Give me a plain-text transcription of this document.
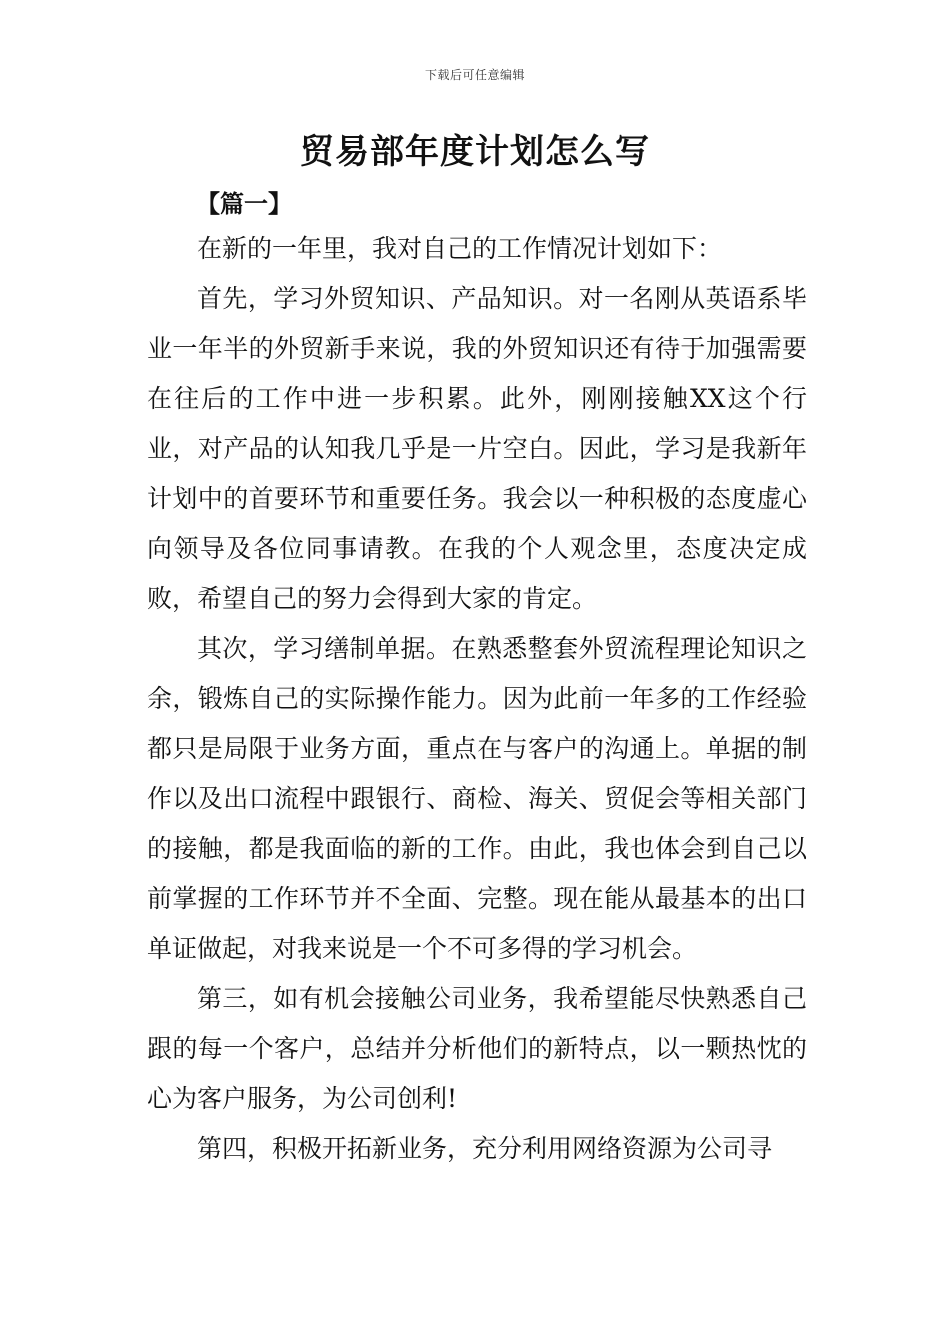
下载后可任意编辑
贸易部年度计划怎么写
【篇一】

在新的一年里，我对自己的工作情况计划如下：

首先，学习外贸知识、产品知识。对一名刚从英语系毕业一年半的外贸新手来说，我的外贸知识还有待于加强需要在往后的工作中进一步积累。此外，刚刚接触XX这个行业，对产品的认知我几乎是一片空白。因此，学习是我新年计划中的首要环节和重要任务。我会以一种积极的态度虚心向领导及各位同事请教。在我的个人观念里，态度决定成败，希望自己的努力会得到大家的肯定。

其次，学习缮制单据。在熟悉整套外贸流程理论知识之余，锻炼自己的实际操作能力。因为此前一年多的工作经验都只是局限于业务方面，重点在与客户的沟通上。单据的制作以及出口流程中跟银行、商检、海关、贸促会等相关部门的接触，都是我面临的新的工作。由此，我也体会到自己以前掌握的工作环节并不全面、完整。现在能从最基本的出口单证做起，对我来说是一个不可多得的学习机会。

第三，如有机会接触公司业务，我希望能尽快熟悉自己跟的每一个客户，总结并分析他们的新特点，以一颗热忱的心为客户服务，为公司创利!

第四，积极开拓新业务，充分利用网络资源为公司寻
